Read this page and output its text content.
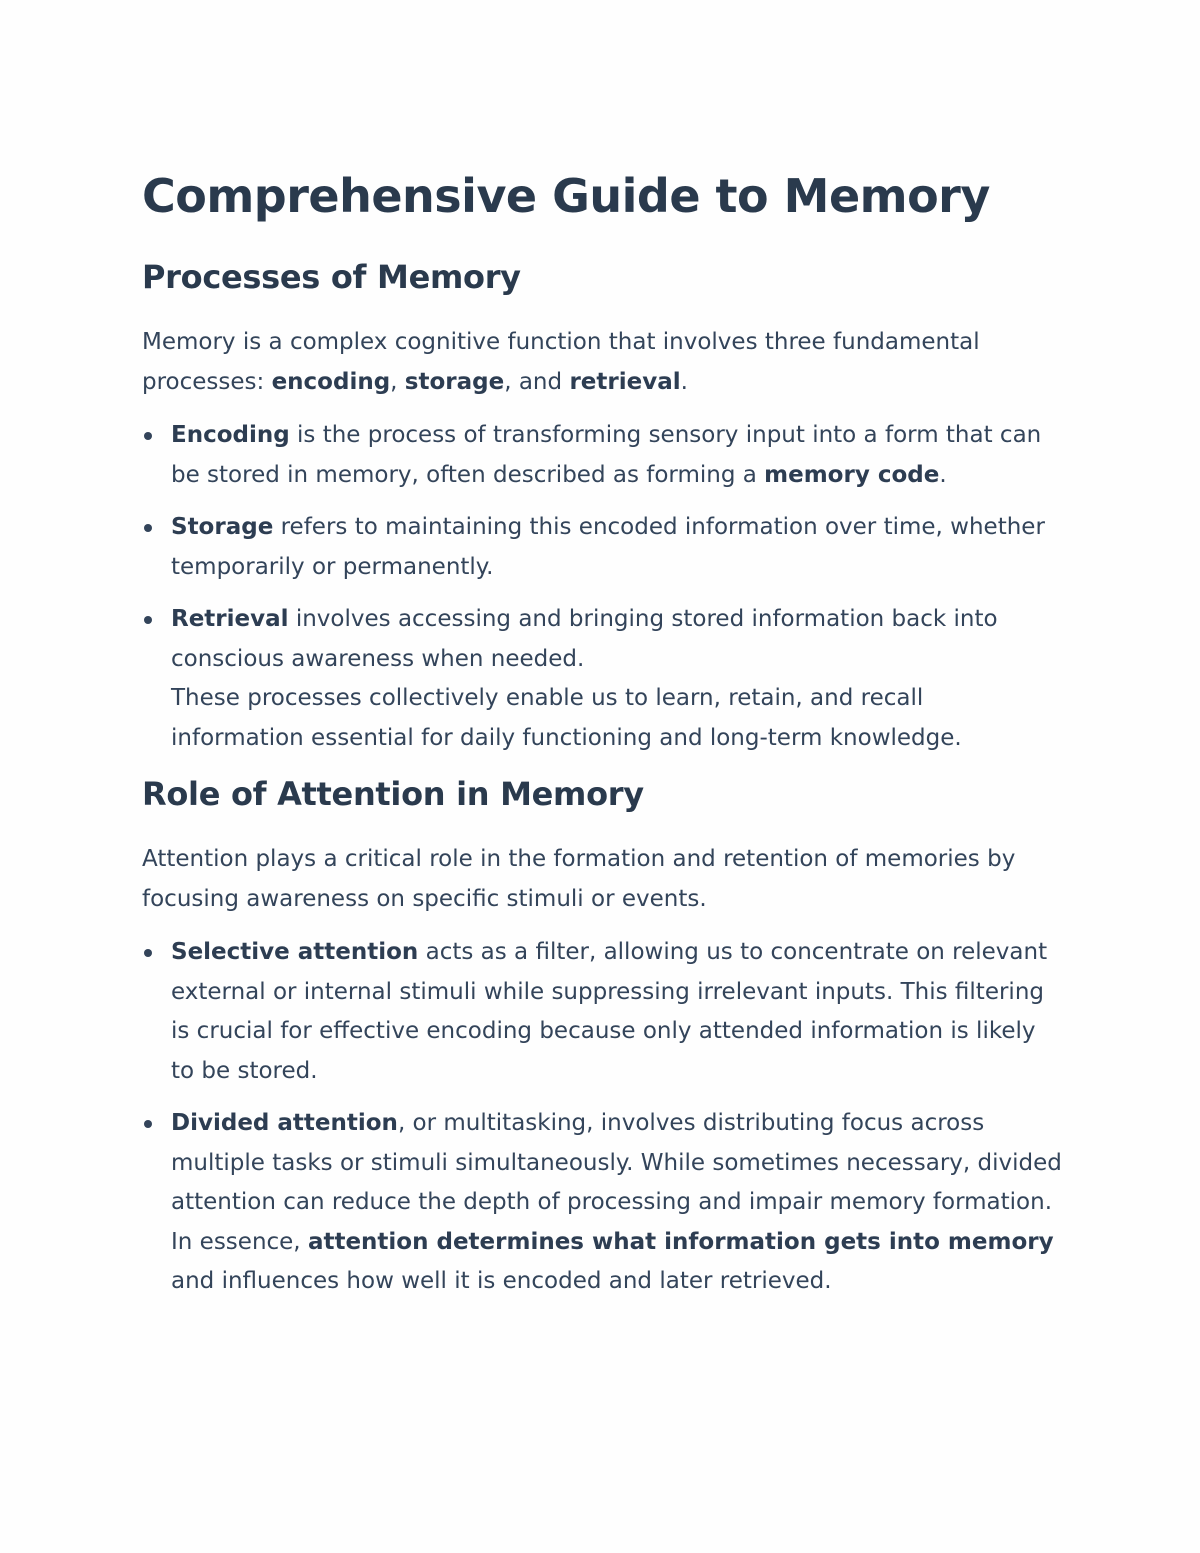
Comprehensive Guide to Memory
Processes of Memory

Memory is a complex cognitive function that involves three fundamental processes: encoding, storage, and retrieval.

Encoding is the process of transforming sensory input into a form that can be stored in memory, often described as forming a memory code.
Storage refers to maintaining this encoded information over time, whether temporarily or permanently.
Retrieval involves accessing and bringing stored information back into conscious awareness when needed.
These processes collectively enable us to learn, retain, and recall information essential for daily functioning and long-term knowledge.
Role of Attention in Memory

Attention plays a critical role in the formation and retention of memories by focusing awareness on specific stimuli or events.

Selective attention acts as a filter, allowing us to concentrate on relevant external or internal stimuli while suppressing irrelevant inputs. This filtering is crucial for effective encoding because only attended information is likely to be stored.
Divided attention, or multitasking, involves distributing focus across multiple tasks or stimuli simultaneously. While sometimes necessary, divided attention can reduce the depth of processing and impair memory formation.
In essence, attention determines what information gets into memory and influences how well it is encoded and later retrieved.
